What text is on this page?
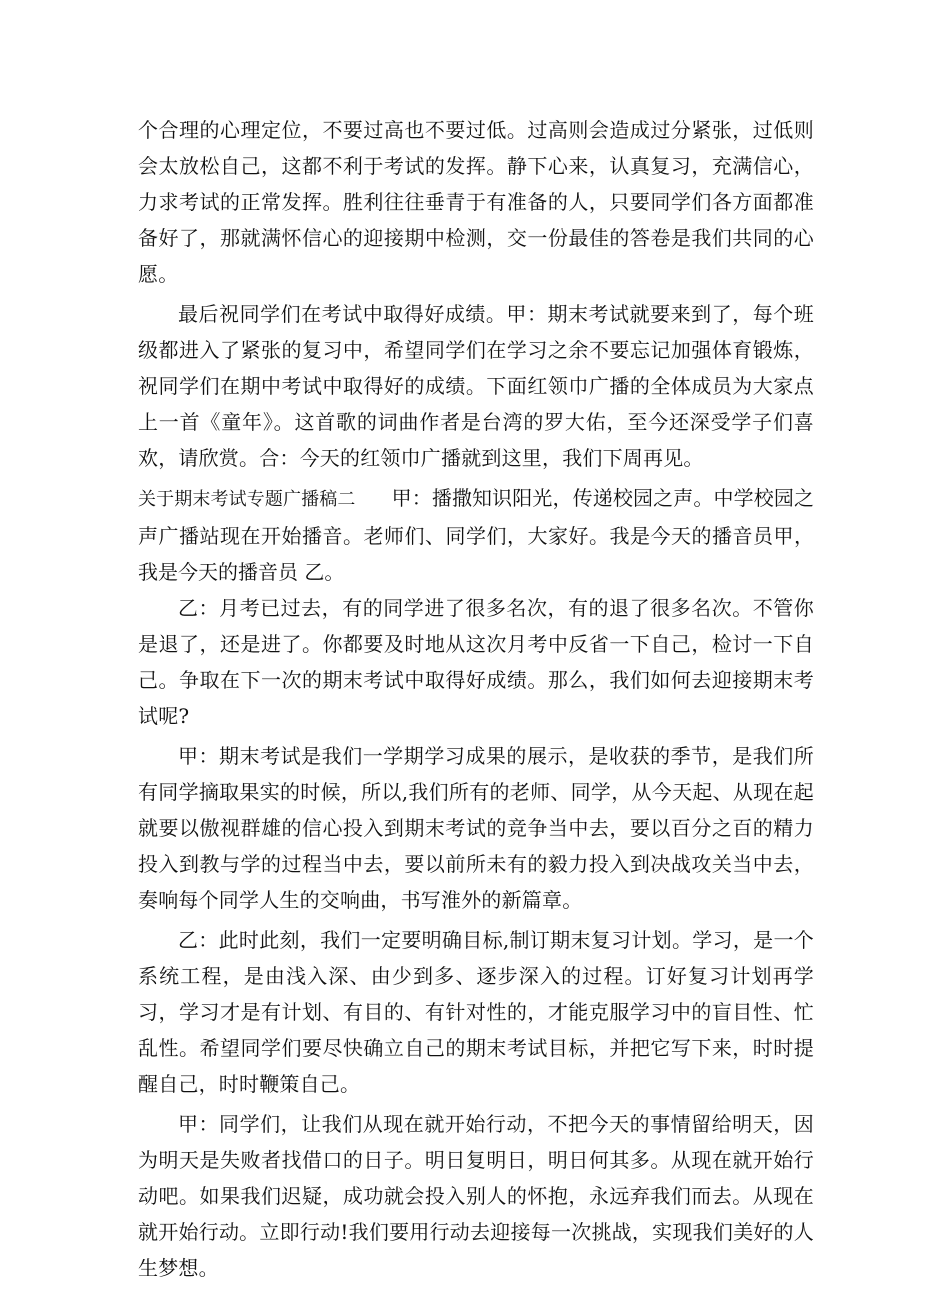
个合理的心理定位，不要过高也不要过低。过高则会造成过分紧张，过低则会太放松自己，这都不利于考试的发挥。静下心来，认真复习，充满信心，力求考试的正常发挥。胜利往往垂青于有准备的人，只要同学们各方面都准备好了，那就满怀信心的迎接期中检测，交一份最佳的答卷是我们共同的心愿。

最后祝同学们在考试中取得好成绩。甲：期末考试就要来到了，每个班级都进入了紧张的复习中，希望同学们在学习之余不要忘记加强体育锻炼，祝同学们在期中考试中取得好的成绩。下面红领巾广播的全体成员为大家点上一首《童年》。这首歌的词曲作者是台湾的罗大佑，至今还深受学子们喜欢，请欣赏。合：今天的红领巾广播就到这里，我们下周再见。

关于期末考试专题广播稿二 甲：播撒知识阳光，传递校园之声。中学校园之声广播站现在开始播音。老师们、同学们，大家好。我是今天的播音员甲，我是今天的播音员 乙。

乙：月考已过去，有的同学进了很多名次，有的退了很多名次。不管你是退了，还是进了。你都要及时地从这次月考中反省一下自己，检讨一下自己。争取在下一次的期末考试中取得好成绩。那么，我们如何去迎接期末考试呢?

甲：期末考试是我们一学期学习成果的展示，是收获的季节，是我们所有同学摘取果实的时候，所以,我们所有的老师、同学，从今天起、从现在起就要以傲视群雄的信心投入到期末考试的竞争当中去，要以百分之百的精力投入到教与学的过程当中去，要以前所未有的毅力投入到决战攻关当中去，奏响每个同学人生的交响曲，书写淮外的新篇章。

乙：此时此刻，我们一定要明确目标,制订期末复习计划。学习，是一个系统工程，是由浅入深、由少到多、逐步深入的过程。订好复习计划再学习，学习才是有计划、有目的、有针对性的，才能克服学习中的盲目性、忙乱性。希望同学们要尽快确立自己的期末考试目标，并把它写下来，时时提醒自己，时时鞭策自己。

甲：同学们，让我们从现在就开始行动，不把今天的事情留给明天，因为明天是失败者找借口的日子。明日复明日，明日何其多。从现在就开始行动吧。如果我们迟疑，成功就会投入别人的怀抱，永远弃我们而去。从现在就开始行动。立即行动!我们要用行动去迎接每一次挑战，实现我们美好的人生梦想。
